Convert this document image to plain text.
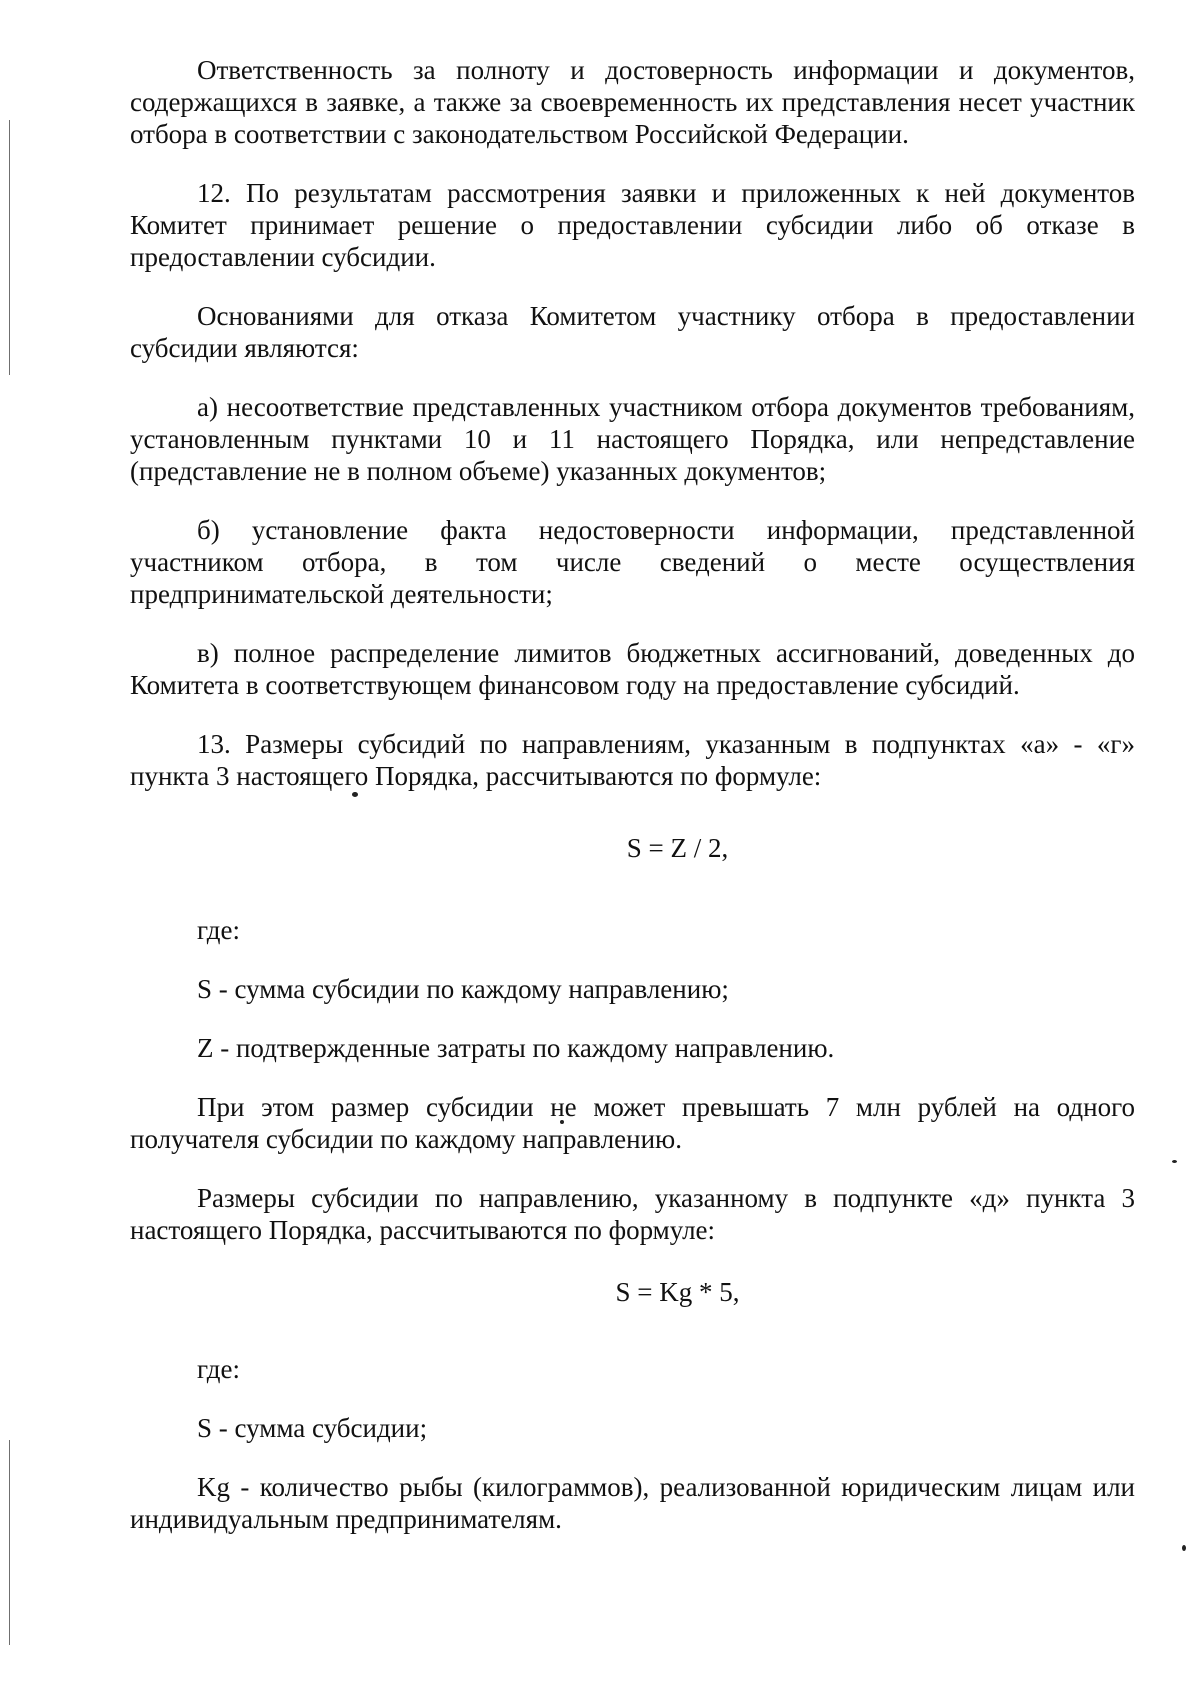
Ответственность за полноту и достоверность информации и документов, содержащихся в заявке, а также за своевременность их представления несет участник отбора в соответствии с законодательством Российской Федерации.

12. По результатам рассмотрения заявки и приложенных к ней документов Комитет принимает решение о предоставлении субсидии либо об отказе в предоставлении субсидии.

Основаниями для отказа Комитетом участнику отбора в предоставлении субсидии являются:

а) несоответствие представленных участником отбора документов требованиям, установленным пунктами 10 и 11 настоящего Порядка, или непредставление (представление не в полном объеме) указанных документов;

б) установление факта недостоверности информации, представленной участником отбора, в том числе сведений о месте осуществления предпринимательской деятельности;

в) полное распределение лимитов бюджетных ассигнований, доведенных до Комитета в соответствующем финансовом году на предоставление субсидий.

13. Размеры субсидий по направлениям, указанным в подпунктах «а» - «г» пункта 3 настоящего Порядка, рассчитываются по формуле:

S = Z / 2,

где:

S - сумма субсидии по каждому направлению;

Z - подтвержденные затраты по каждому направлению.

При этом размер субсидии не может превышать 7 млн рублей на одного получателя субсидии по каждому направлению.

Размеры субсидии по направлению, указанному в подпункте «д» пункта 3 настоящего Порядка, рассчитываются по формуле:

S = Kg * 5,

где:

S - сумма субсидии;

Kg - количество рыбы (килограммов), реализованной юридическим лицам или индивидуальным предпринимателям.
